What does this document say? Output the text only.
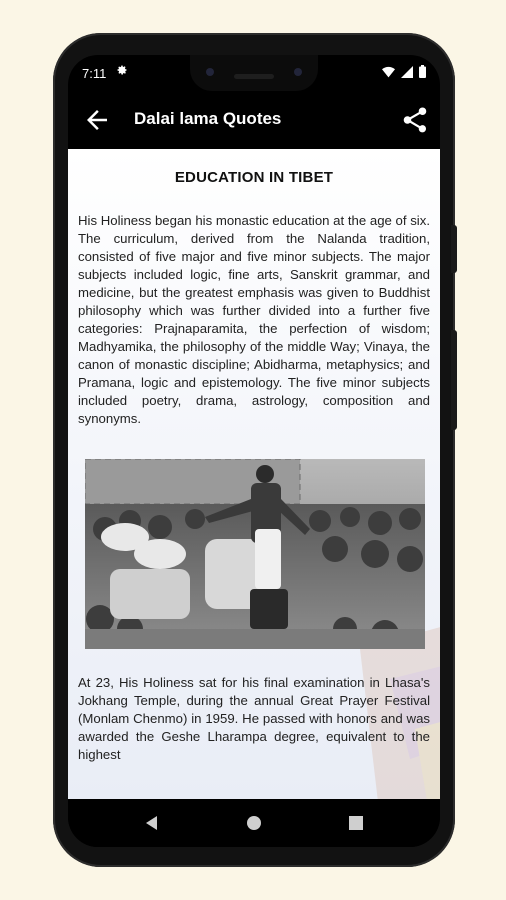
7:11
Dalai lama Quotes
EDUCATION IN TIBET

His Holiness began his monastic education at the age of six. The curriculum, derived from the Nalanda tradition, consisted of five major and five minor subjects. The major subjects included logic, fine arts, Sanskrit grammar, and medicine, but the greatest emphasis was given to Buddhist philosophy which was further divided into a further five categories: Prajnaparamita, the perfection of wisdom; Madhyamika, the philosophy of the middle Way; Vinaya, the canon of monastic discipline; Abidharma, metaphysics; and Pramana, logic and epistemology. The five minor subjects included poetry, drama, astrology, composition and synonyms.

At 23, His Holiness sat for his final examination in Lhasa's Jokhang Temple, during the annual Great Prayer Festival (Monlam Chenmo) in 1959. He passed with honors and was awarded the Geshe Lharampa degree, equivalent to the highest
